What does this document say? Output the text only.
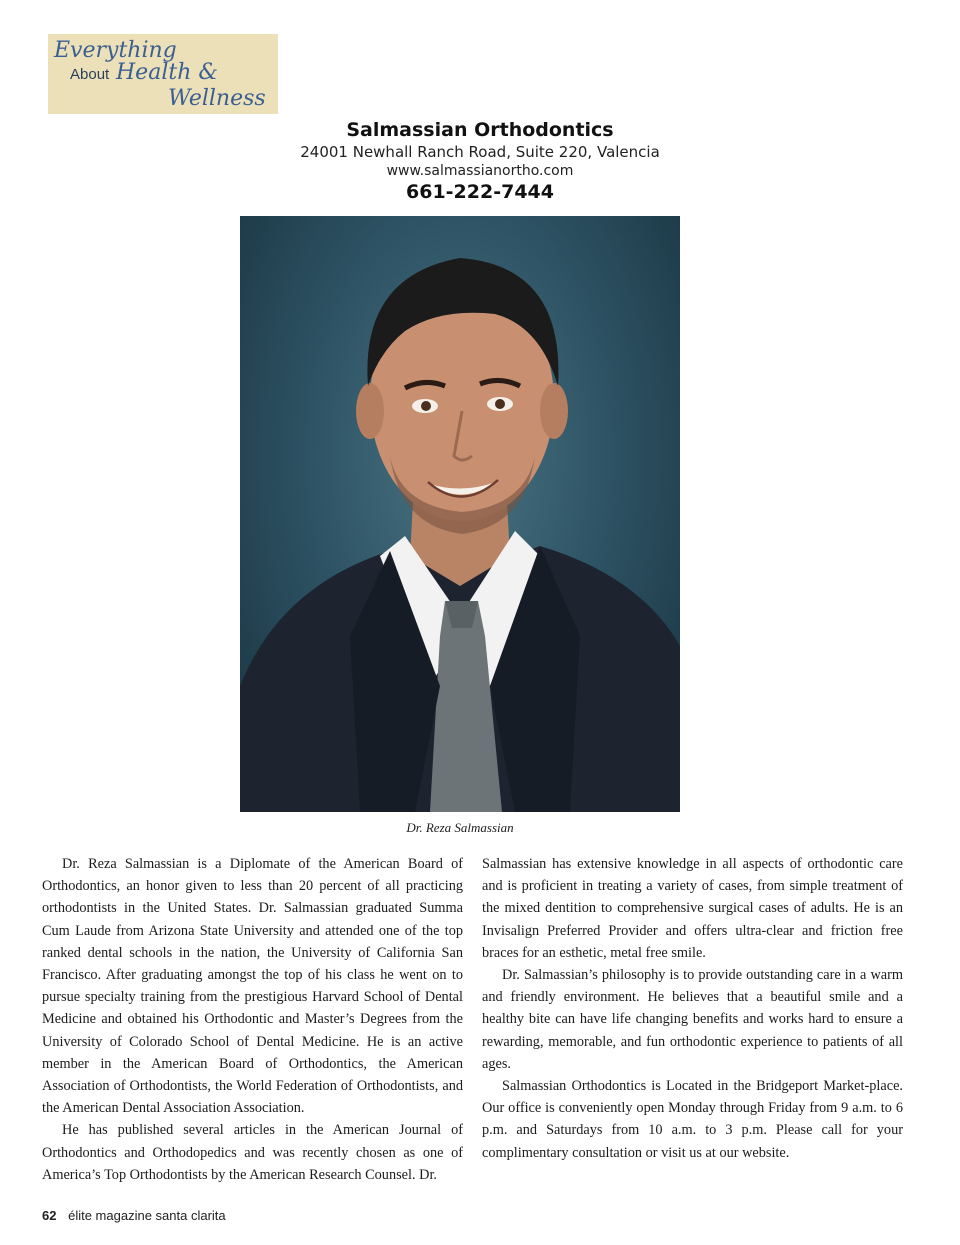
Everything
About Health &
Wellness
Salmassian Orthodontics
24001 Newhall Ranch Road, Suite 220, Valencia
www.salmassianortho.com
661-222-7444
Dr. Reza Salmassian

Dr. Reza Salmassian is a Diplomate of the American Board of Orthodontics, an honor given to less than 20 percent of all practicing orthodontists in the United States. Dr. Salmassian graduated Summa Cum Laude from Arizona State University and attended one of the top ranked dental schools in the nation, the University of California San Francisco. After graduating amongst the top of his class he went on to pursue specialty training from the prestigious Harvard School of Dental Medicine and obtained his Orthodontic and Master’s Degrees from the University of Colorado School of Dental Medicine. He is an active member in the American Board of Orthodontics, the American Association of Orthodontists, the World Federation of Orthodontists, and the American Dental Association Association.

He has published several articles in the American Journal of Orthodontics and Orthodopedics and was recently chosen as one of America’s Top Orthodontists by the American Research Counsel. Dr.

Salmassian has extensive knowledge in all aspects of orthodontic care and is proficient in treating a variety of cases, from simple treatment of the mixed dentition to comprehensive surgical cases of adults. He is an Invisalign Preferred Provider and offers ultra-clear and friction free braces for an esthetic, metal free smile.

Dr. Salmassian’s philosophy is to provide outstanding care in a warm and friendly environment. He believes that a beautiful smile and a healthy bite can have life changing benefits and works hard to ensure a rewarding, memorable, and fun orthodontic experience to patients of all ages.

Salmassian Orthodontics is Located in the Bridgeport Market-place. Our office is conveniently open Monday through Friday from 9 a.m. to 6 p.m. and Saturdays from 10 a.m. to 3 p.m. Please call for your complimentary consultation or visit us at our website.

62 élite magazine santa clarita
